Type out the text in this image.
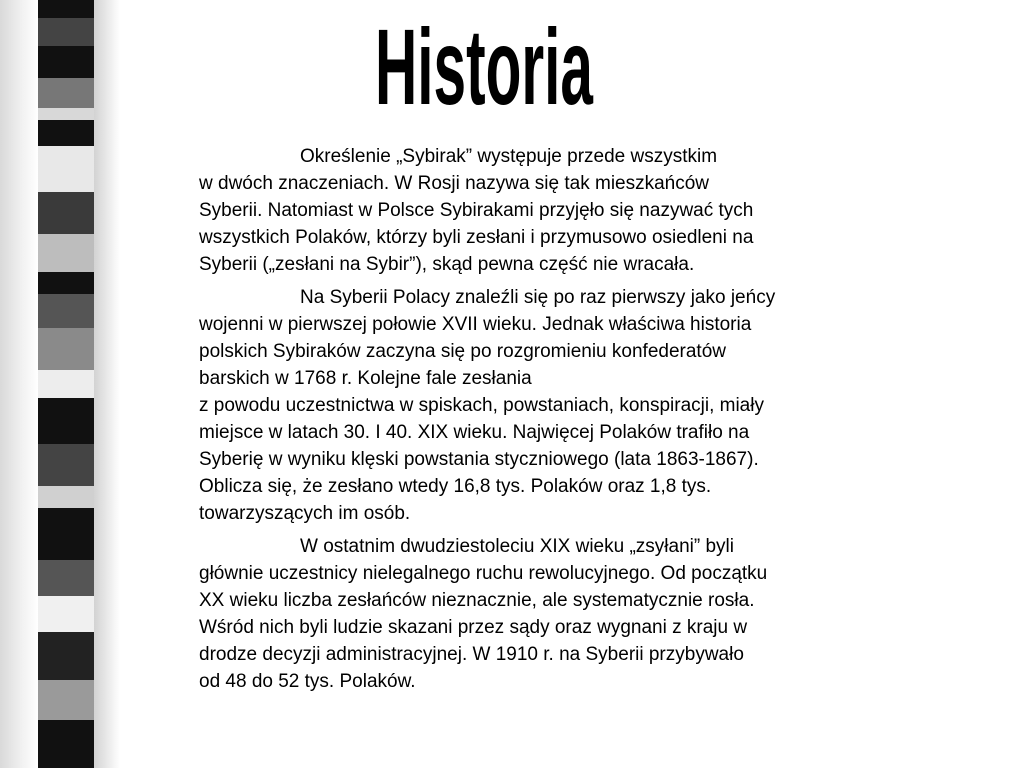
Historia

Określenie „Sybirak” występuje przede wszystkim
w dwóch znaczeniach. W Rosji nazywa się tak mieszkańców
Syberii. Natomiast w Polsce Sybirakami przyjęło się nazywać tych
wszystkich Polaków, którzy byli zesłani i przymusowo osiedleni na
Syberii („zesłani na Sybir”), skąd pewna część nie wracała.

Na Syberii Polacy znaleźli się po raz pierwszy jako jeńcy
wojenni w pierwszej połowie XVII wieku. Jednak właściwa historia
polskich Sybiraków zaczyna się po rozgromieniu konfederatów
barskich w 1768 r. Kolejne fale zesłania
z powodu uczestnictwa w spiskach, powstaniach, konspiracji, miały
miejsce w latach 30. I 40. XIX wieku. Najwięcej Polaków trafiło na
Syberię w wyniku klęski powstania styczniowego (lata 1863-1867).
Oblicza się, że zesłano wtedy 16,8 tys. Polaków oraz 1,8 tys.
towarzyszących im osób.

W ostatnim dwudziestoleciu XIX wieku „zsyłani” byli
głównie uczestnicy nielegalnego ruchu rewolucyjnego. Od początku
XX wieku liczba zesłańców nieznacznie, ale systematycznie rosła.
Wśród nich byli ludzie skazani przez sądy oraz wygnani z kraju w
drodze decyzji administracyjnej. W 1910 r. na Syberii przybywało
od 48 do 52 tys. Polaków.
